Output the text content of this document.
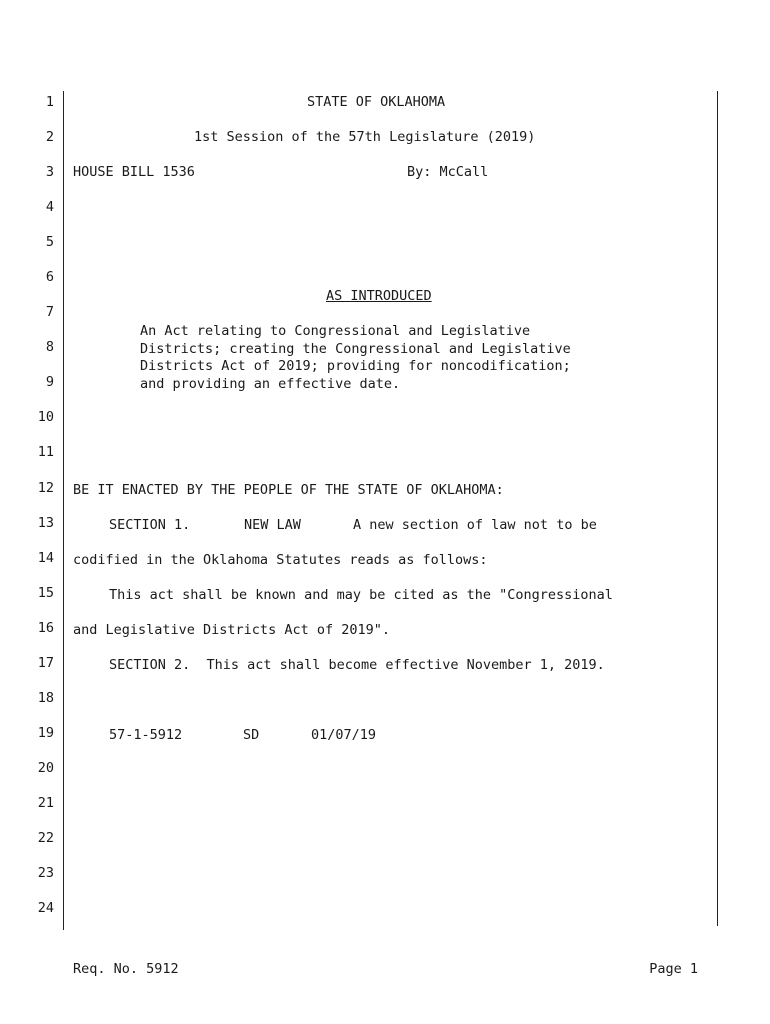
1
2
3
4
5
6
7
8
9
10
11
12
13
14
15
16
17
18
19
20
21
22
23
24
STATE OF OKLAHOMA
1st Session of the 57th Legislature (2019)
HOUSE BILL 1536	By: McCall
AS INTRODUCED
An Act relating to Congressional and Legislative
Districts; creating the Congressional and Legislative
Districts Act of 2019; providing for noncodification;
and providing an effective date.
BE IT ENACTED BY THE PEOPLE OF THE STATE OF OKLAHOMA:
SECTION 1.	NEW LAW	A new section of law not to be
codified in the Oklahoma Statutes reads as follows:
This act shall be known and may be cited as the "Congressional
and Legislative Districts Act of 2019".
SECTION 2.  This act shall become effective November 1, 2019.
57-1-5912	SD	01/07/19
Req. No. 5912	Page 1
